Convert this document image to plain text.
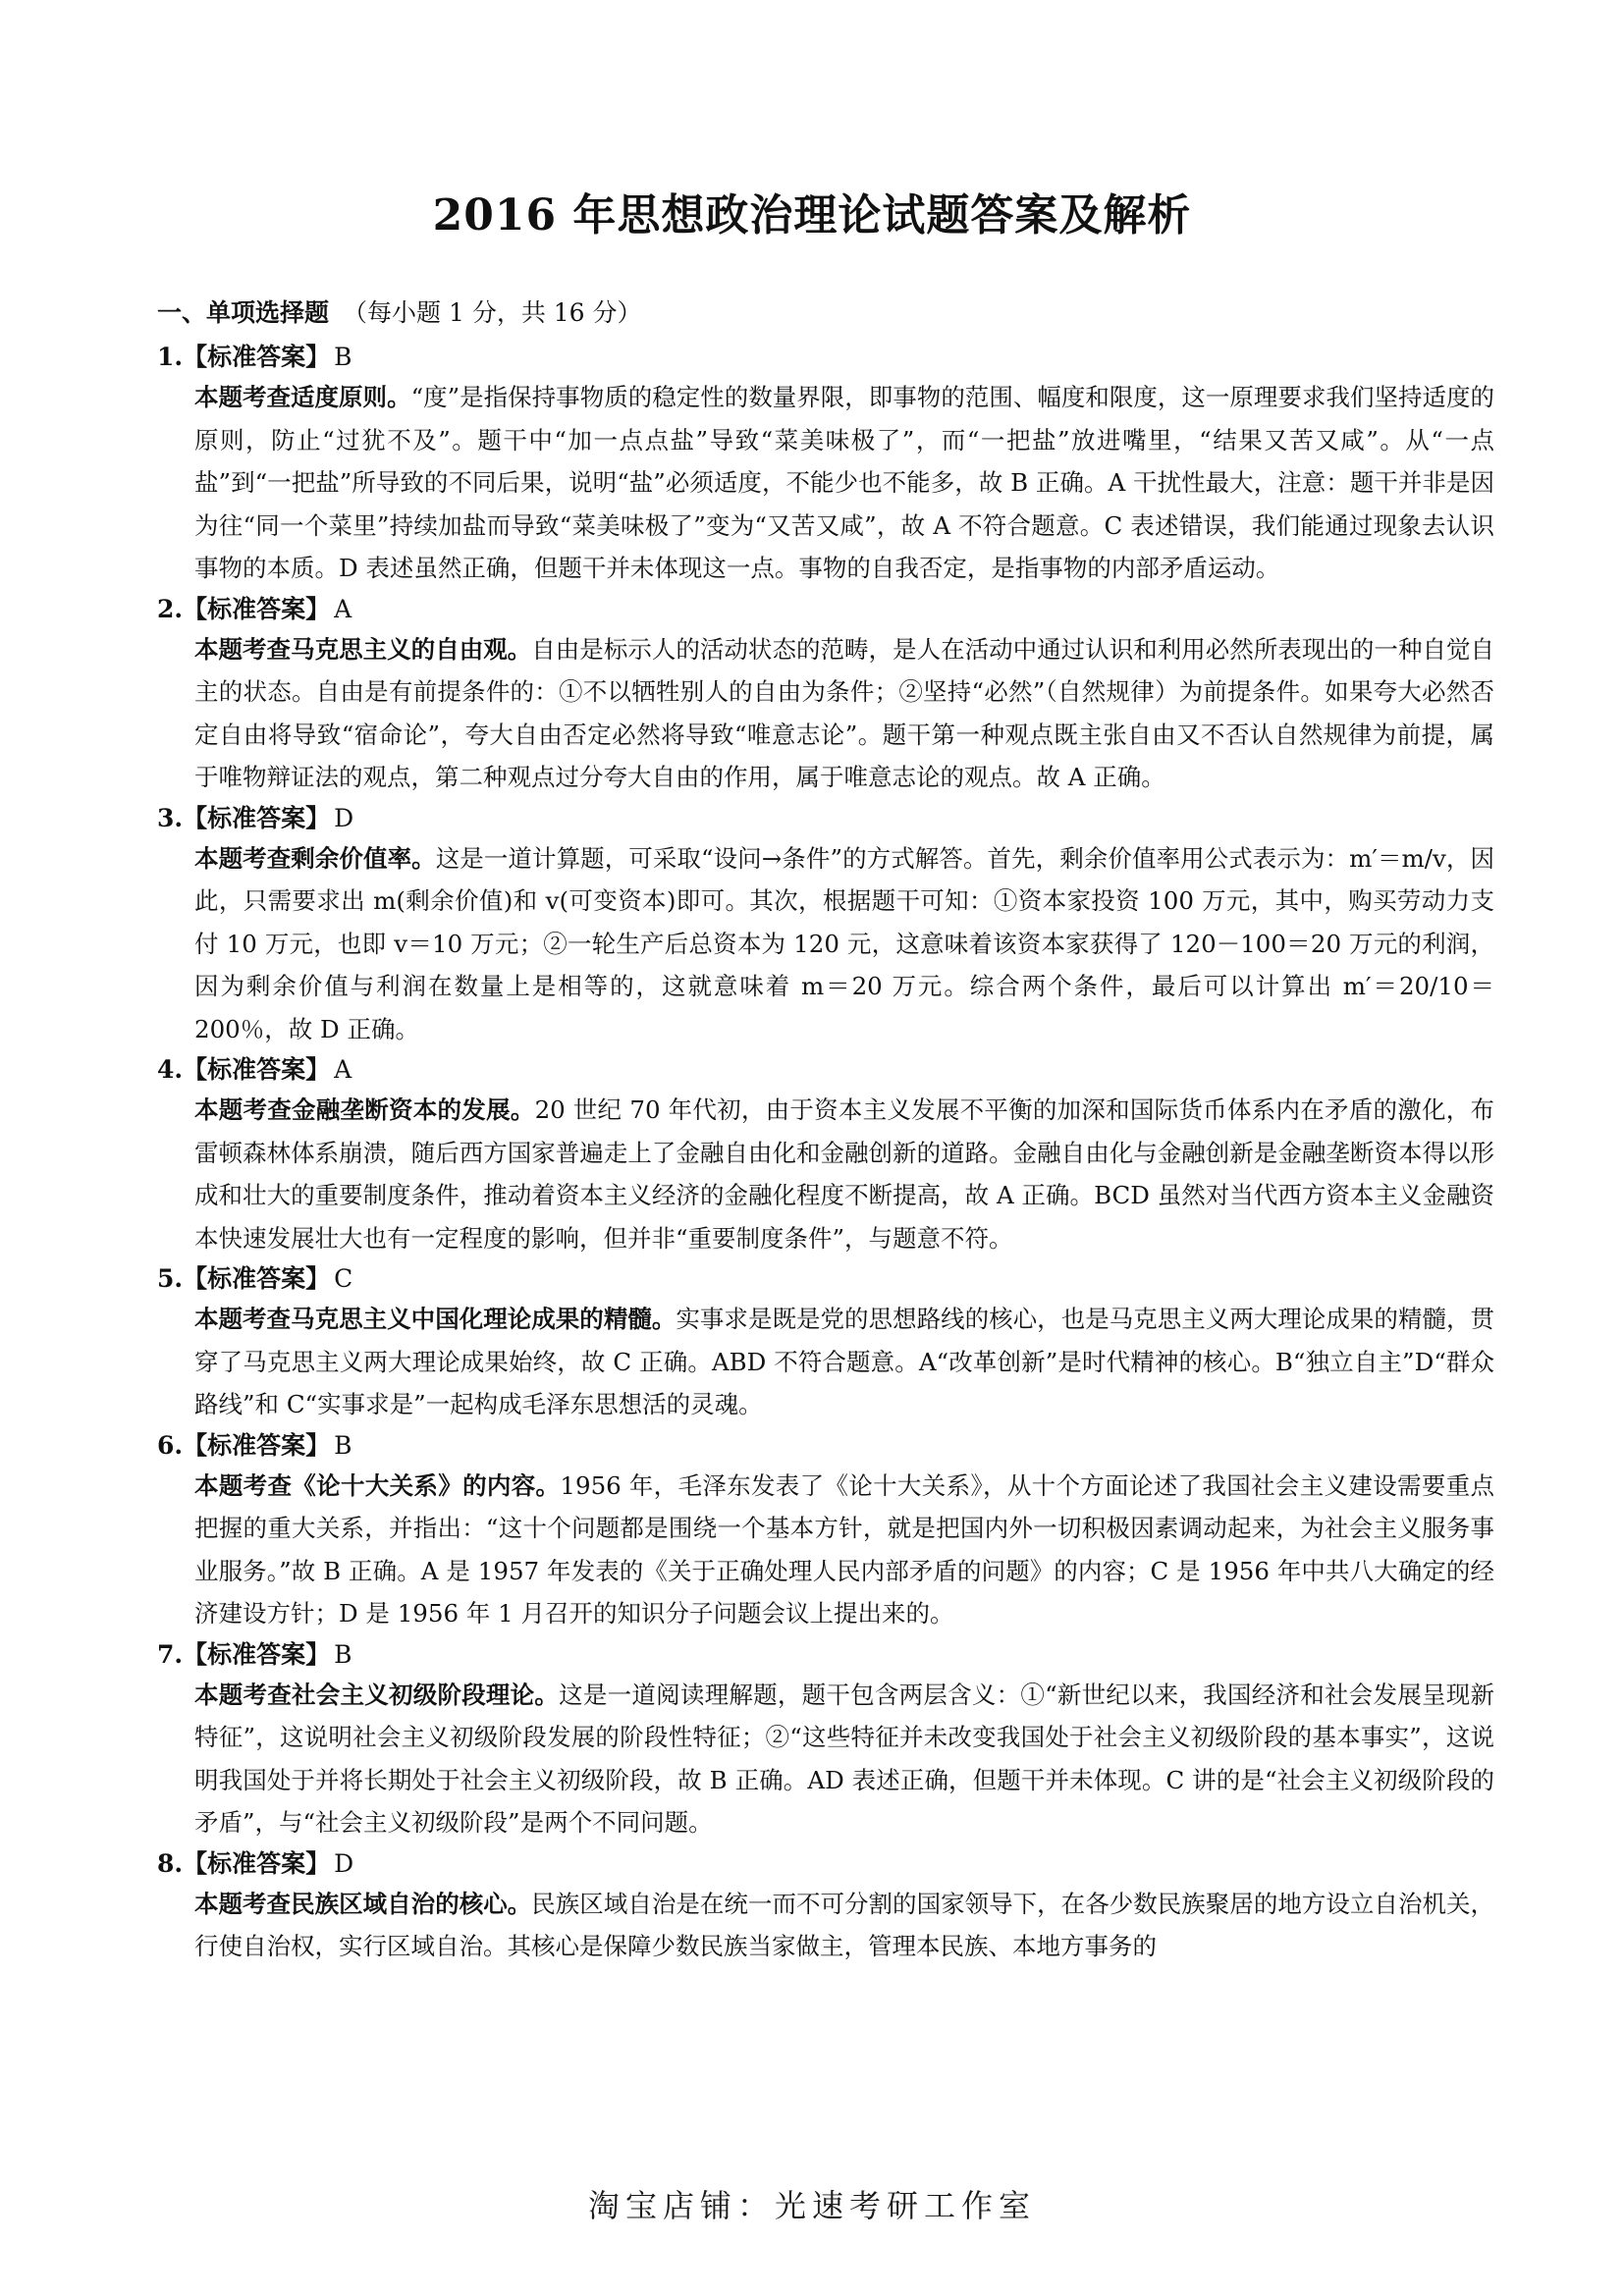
2016 年思想政治理论试题答案及解析
一、单项选择题 （每小题 1 分，共 16 分）
1.【标准答案】 B
本题考查适度原则。“度”是指保持事物质的稳定性的数量界限，即事物的范围、幅度和限度，这一原理要求我们坚持适度的原则，防止“过犹不及”。题干中“加一点点盐”导致“菜美味极了”，而“一把盐”放进嘴里，“结果又苦又咸”。从“一点盐”到“一把盐”所导致的不同后果，说明“盐”必须适度，不能少也不能多，故 B 正确。A 干扰性最大，注意：题干并非是因为往“同一个菜里”持续加盐而导致“菜美味极了”变为“又苦又咸”，故 A 不符合题意。C 表述错误，我们能通过现象去认识事物的本质。D 表述虽然正确，但题干并未体现这一点。事物的自我否定，是指事物的内部矛盾运动。
2.【标准答案】 A
本题考查马克思主义的自由观。自由是标示人的活动状态的范畴，是人在活动中通过认识和利用必然所表现出的一种自觉自主的状态。自由是有前提条件的：①不以牺牲别人的自由为条件；②坚持“必然”（自然规律）为前提条件。如果夸大必然否定自由将导致“宿命论”，夸大自由否定必然将导致“唯意志论”。题干第一种观点既主张自由又不否认自然规律为前提，属于唯物辩证法的观点，第二种观点过分夸大自由的作用，属于唯意志论的观点。故 A 正确。
3.【标准答案】 D
本题考查剩余价值率。这是一道计算题，可采取“设问→条件”的方式解答。首先，剩余价值率用公式表示为：m′＝m/v，因此，只需要求出 m(剩余价值)和 v(可变资本)即可。其次，根据题干可知：①资本家投资 100 万元，其中，购买劳动力支付 10 万元，也即 v＝10 万元；②一轮生产后总资本为 120 元，这意味着该资本家获得了 120－100＝20 万元的利润，因为剩余价值与利润在数量上是相等的，这就意味着 m＝20 万元。综合两个条件，最后可以计算出 m′＝20/10＝200％，故 D 正确。
4.【标准答案】 A
本题考查金融垄断资本的发展。20 世纪 70 年代初，由于资本主义发展不平衡的加深和国际货币体系内在矛盾的激化，布雷顿森林体系崩溃，随后西方国家普遍走上了金融自由化和金融创新的道路。金融自由化与金融创新是金融垄断资本得以形成和壮大的重要制度条件，推动着资本主义经济的金融化程度不断提高，故 A 正确。BCD 虽然对当代西方资本主义金融资本快速发展壮大也有一定程度的影响，但并非“重要制度条件”，与题意不符。
5.【标准答案】 C
本题考查马克思主义中国化理论成果的精髓。实事求是既是党的思想路线的核心，也是马克思主义两大理论成果的精髓，贯穿了马克思主义两大理论成果始终，故 C 正确。ABD 不符合题意。A“改革创新”是时代精神的核心。B“独立自主”D“群众路线”和 C“实事求是”一起构成毛泽东思想活的灵魂。
6.【标准答案】 B
本题考查《论十大关系》的内容。1956 年，毛泽东发表了《论十大关系》，从十个方面论述了我国社会主义建设需要重点把握的重大关系，并指出：“这十个问题都是围绕一个基本方针，就是把国内外一切积极因素调动起来，为社会主义服务事业服务。”故 B 正确。A 是 1957 年发表的《关于正确处理人民内部矛盾的问题》的内容；C 是 1956 年中共八大确定的经济建设方针；D 是 1956 年 1 月召开的知识分子问题会议上提出来的。
7.【标准答案】 B
本题考查社会主义初级阶段理论。这是一道阅读理解题，题干包含两层含义：①“新世纪以来，我国经济和社会发展呈现新特征”，这说明社会主义初级阶段发展的阶段性特征；②“这些特征并未改变我国处于社会主义初级阶段的基本事实”，这说明我国处于并将长期处于社会主义初级阶段，故 B 正确。AD 表述正确，但题干并未体现。C 讲的是“社会主义初级阶段的矛盾”，与“社会主义初级阶段”是两个不同问题。
8.【标准答案】 D
本题考查民族区域自治的核心。民族区域自治是在统一而不可分割的国家领导下，在各少数民族聚居的地方设立自治机关，行使自治权，实行区域自治。其核心是保障少数民族当家做主，管理本民族、本地方事务的
淘宝店铺：光速考研工作室
